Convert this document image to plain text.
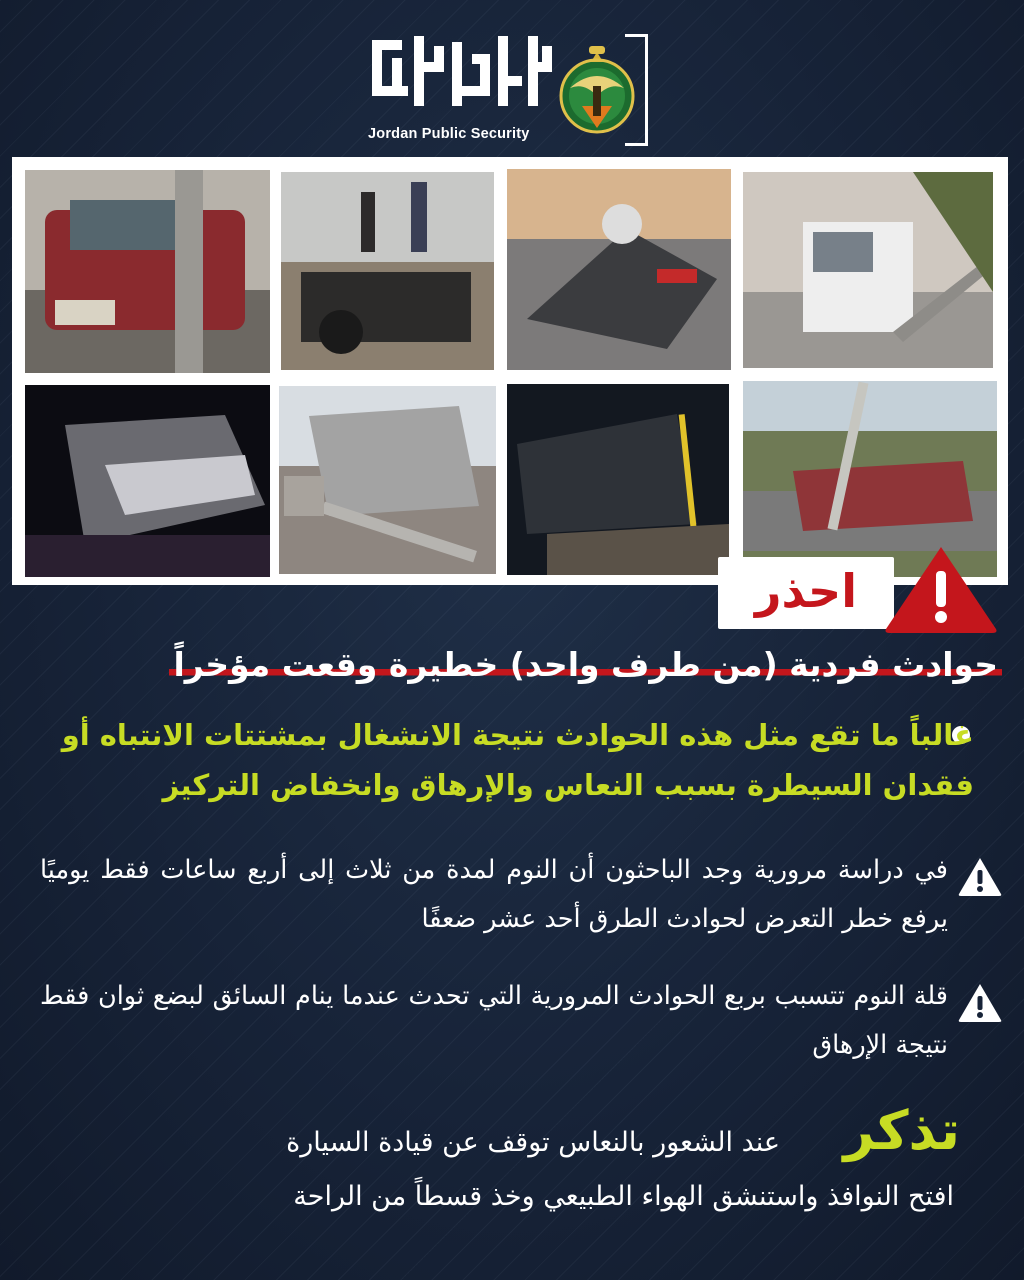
Jordan Public Security
احذر
حوادث فردية (من طرف واحد) خطيرة وقعت مؤخراً
غالباً ما تقع مثل هذه الحوادث نتيجة الانشغال بمشتتات الانتباه أو فقدان السيطرة بسبب النعاس والإرهاق وانخفاض التركيز
في دراسة مرورية وجد الباحثون أن النوم لمدة من ثلاث إلى أربع ساعات فقط يوميًا يرفع خطر التعرض لحوادث الطرق أحد عشر ضعفًا
قلة النوم تتسبب بربع الحوادث المرورية التي تحدث عندما ينام السائق لبضع ثوان فقط نتيجة الإرهاق
تذكر
عند الشعور بالنعاس توقف عن قيادة السيارة
افتح النوافذ واستنشق الهواء الطبيعي وخذ قسطاً من الراحة
